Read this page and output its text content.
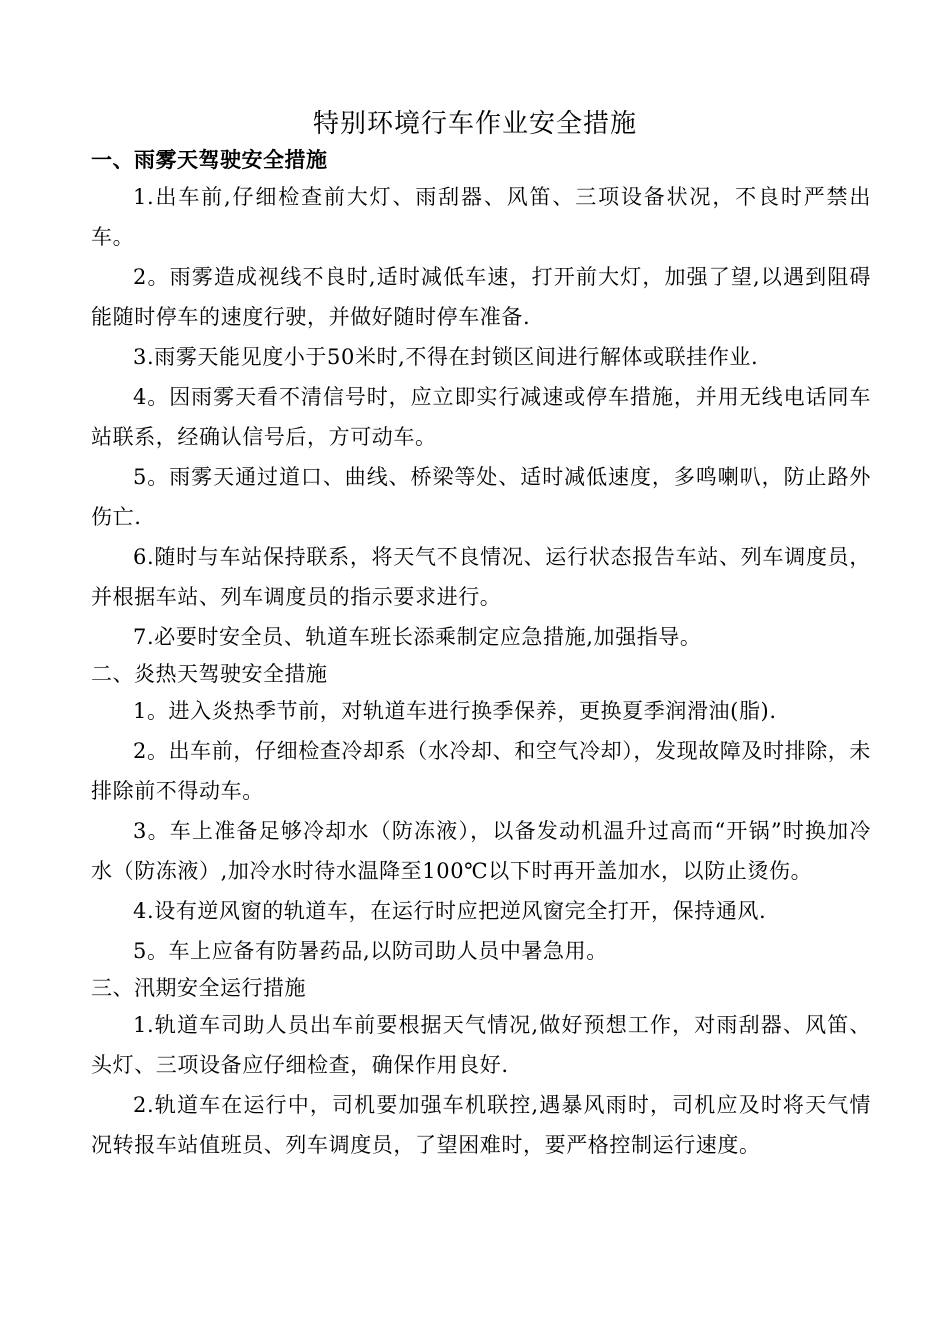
特别环境行车作业安全措施
一、雨雾天驾驶安全措施

1.出车前,仔细检查前大灯、雨刮器、风笛、三项设备状况，不良时严禁出车。

2。雨雾造成视线不良时,适时减低车速，打开前大灯，加强了望,以遇到阻碍能随时停车的速度行驶，并做好随时停车准备.

3.雨雾天能见度小于50米时,不得在封锁区间进行解体或联挂作业.

4。因雨雾天看不清信号时，应立即实行减速或停车措施，并用无线电话同车站联系，经确认信号后，方可动车。

5。雨雾天通过道口、曲线、桥梁等处、适时减低速度，多鸣喇叭，防止路外伤亡.

6.随时与车站保持联系，将天气不良情况、运行状态报告车站、列车调度员，并根据车站、列车调度员的指示要求进行。

7.必要时安全员、轨道车班长添乘制定应急措施,加强指导。

二、炎热天驾驶安全措施

1。进入炎热季节前，对轨道车进行换季保养，更换夏季润滑油(脂).

2。出车前，仔细检查冷却系（水冷却、和空气冷却），发现故障及时排除，未排除前不得动车。

3。车上准备足够冷却水（防冻液），以备发动机温升过高而“开锅”时换加冷水（防冻液）,加冷水时待水温降至100℃以下时再开盖加水，以防止烫伤。

4.设有逆风窗的轨道车，在运行时应把逆风窗完全打开，保持通风.

5。车上应备有防暑药品,以防司助人员中暑急用。

三、汛期安全运行措施

1.轨道车司助人员出车前要根据天气情况,做好预想工作，对雨刮器、风笛、头灯、三项设备应仔细检查，确保作用良好.

2.轨道车在运行中，司机要加强车机联控,遇暴风雨时，司机应及时将天气情况转报车站值班员、列车调度员，了望困难时，要严格控制运行速度。
